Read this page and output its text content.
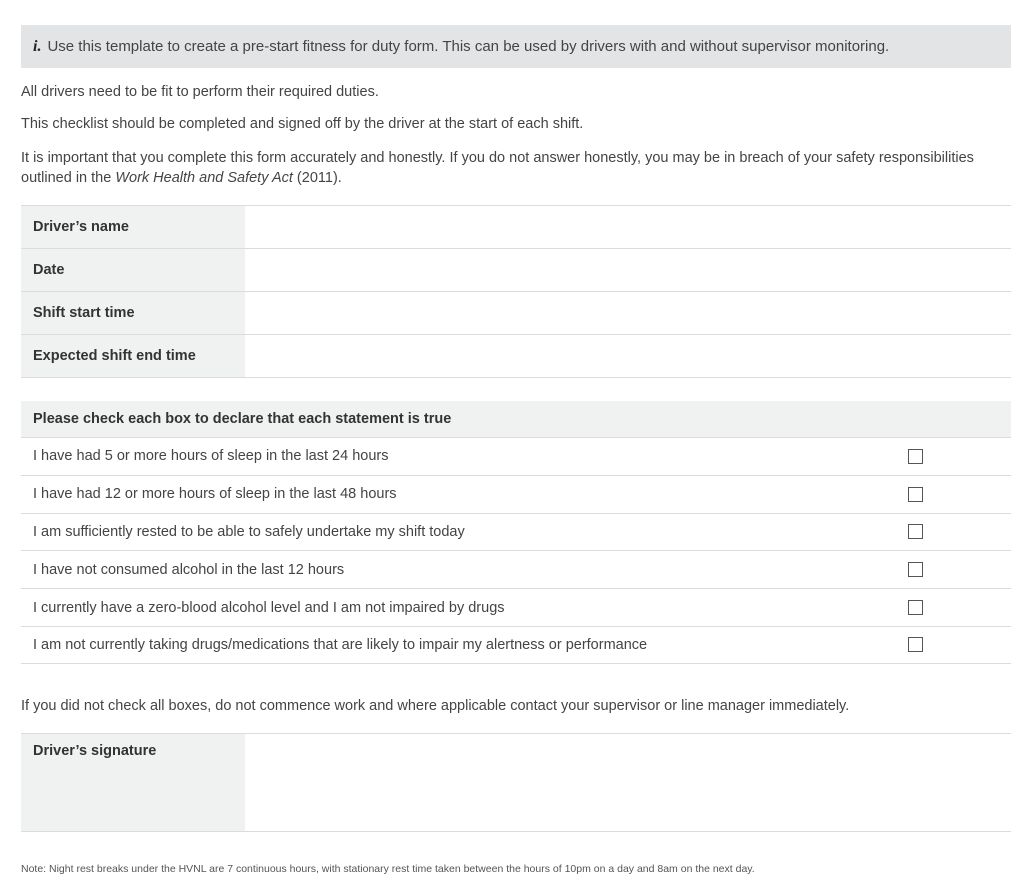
i. Use this template to create a pre-start fitness for duty form. This can be used by drivers with and without supervisor monitoring.

All drivers need to be fit to perform their required duties.

This checklist should be completed and signed off by the driver at the start of each shift.

It is important that you complete this form accurately and honestly. If you do not answer honestly, you may be in breach of your safety responsibilities outlined in the Work Health and Safety Act (2011).

Driver’s name
Date
Shift start time
Expected shift end time
Please check each box to declare that each statement is true
I have had 5 or more hours of sleep in the last 24 hours
I have had 12 or more hours of sleep in the last 48 hours
I am sufficiently rested to be able to safely undertake my shift today
I have not consumed alcohol in the last 12 hours
I currently have a zero-blood alcohol level and I am not impaired by drugs
I am not currently taking drugs/medications that are likely to impair my alertness or performance

If you did not check all boxes, do not commence work and where applicable contact your supervisor or line manager immediately.

Driver’s signature

Note: Night rest breaks under the HVNL are 7 continuous hours, with stationary rest time taken between the hours of 10pm on a day and 8am on the next day.
